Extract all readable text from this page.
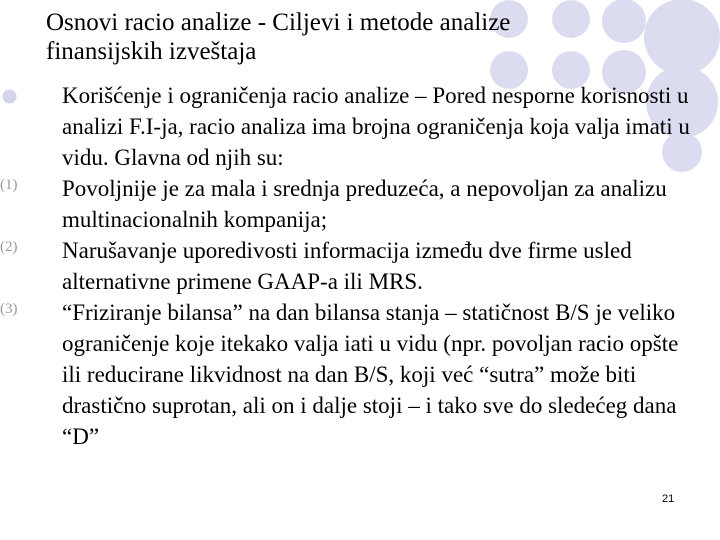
Osnovi racio analize - Ciljevi i metode analize finansijskih izveštaja
Korišćenje i ograničenja racio analize – Pored nesporne korisnosti u analizi F.I-ja, racio analiza ima brojna ograničenja koja valja imati u vidu. Glavna od njih su:
(1) Povoljnije je za mala i srednja preduzeća, a nepovoljan za analizu multinacionalnih kompanija;
(2) Narušavanje uporedivosti informacija između dve firme usled alternativne primene GAAP-a ili MRS.
(3) “Friziranje bilansa” na dan bilansa stanja – statičnost B/S je veliko ograničenje koje itekako valja iati u vidu (npr. povoljan racio opšte ili reducirane likvidnost na dan B/S, koji već “sutra” može biti drastično suprotan, ali on i dalje stoji – i tako sve do sledećeg dana “D”
21
